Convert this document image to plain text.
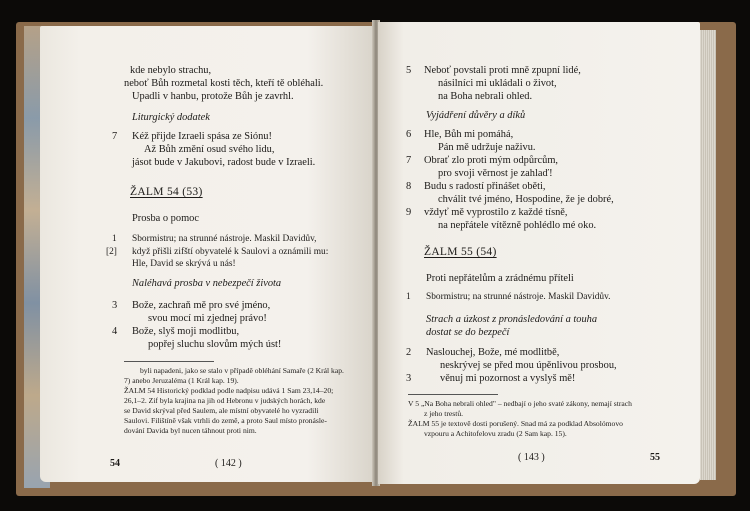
kde nebylo strachu,
neboť Bůh rozmetal kosti těch, kteří tě obléhali.
Upadli v hanbu, protože Bůh je zavrhl.
Liturgický dodatek
7	Kéž přijde Izraeli spása ze Siónu!
Až Bůh změní osud svého lidu,
jásot bude v Jakubovi, radost bude v Izraeli.
ŽALM 54 (53)
Prosba o pomoc
1	Sbormistru; na strunné nástroje. Maskil Davidův,
[2]	když přišli zifští obyvatelé k Saulovi a oznámili mu:
Hle, David se skrývá u nás!
Naléhavá prosba v nebezpečí života
3	Bože, zachraň mě pro své jméno,
svou mocí mi zjednej právo!
4	Bože, slyš moji modlitbu,
popřej sluchu slovům mých úst!
byli napadeni, jako se stalo v případě obléhání Samaře (2 Král kap.
7) anebo Jeruzaléma (1 Král kap. 19).
ŽALM 54 Historický podklad podle nadpisu udává 1 Sam 23,14–20;
26,1–2. Zif byla krajina na jih od Hebronu v judských horách, kde
se David skrýval před Saulem, ale místní obyvatelé ho vyzradili
Saulovi. Filištíně však vtrhli do země, a proto Saul místo pronásle-
dování Davida byl nucen táhnout proti nim.
54	( 142 )
5	Neboť povstali proti mně zpupní lidé,
násilníci mi ukládali o život,
na Boha nebrali ohled.
Vyjádření důvěry a díků
6	Hle, Bůh mi pomáhá,
Pán mě udržuje naživu.
7	Obrať zlo proti mým odpůrcům,
pro svoji věrnost je zahlaď!
8	Budu s radostí přinášet oběti,
chválit tvé jméno, Hospodine, že je dobré,
9	vždyť mě vyprostilo z každé tísně,
na nepřátele vítězně pohlédlo mé oko.
ŽALM 55 (54)
Proti nepřátelům a zrádnému příteli
1	Sbormistru; na strunné nástroje. Maskil Davidův.
Strach a úzkost z pronásledování a touha
dostat se do bezpečí
2	Naslouchej, Bože, mé modlitbě,
neskrývej se před mou úpěnlivou prosbou,
3	věnuj mi pozornost a vyslyš mě!
V 5 „Na Boha nebrali ohled" – nedbají o jeho svaté zákony, nemají strach
z jeho trestů.
ŽALM 55 je textově dosti porušený. Snad má za podklad Absolómovo
vzpouru a Achitofelovu zradu (2 Sam kap. 15).
( 143 )	55
